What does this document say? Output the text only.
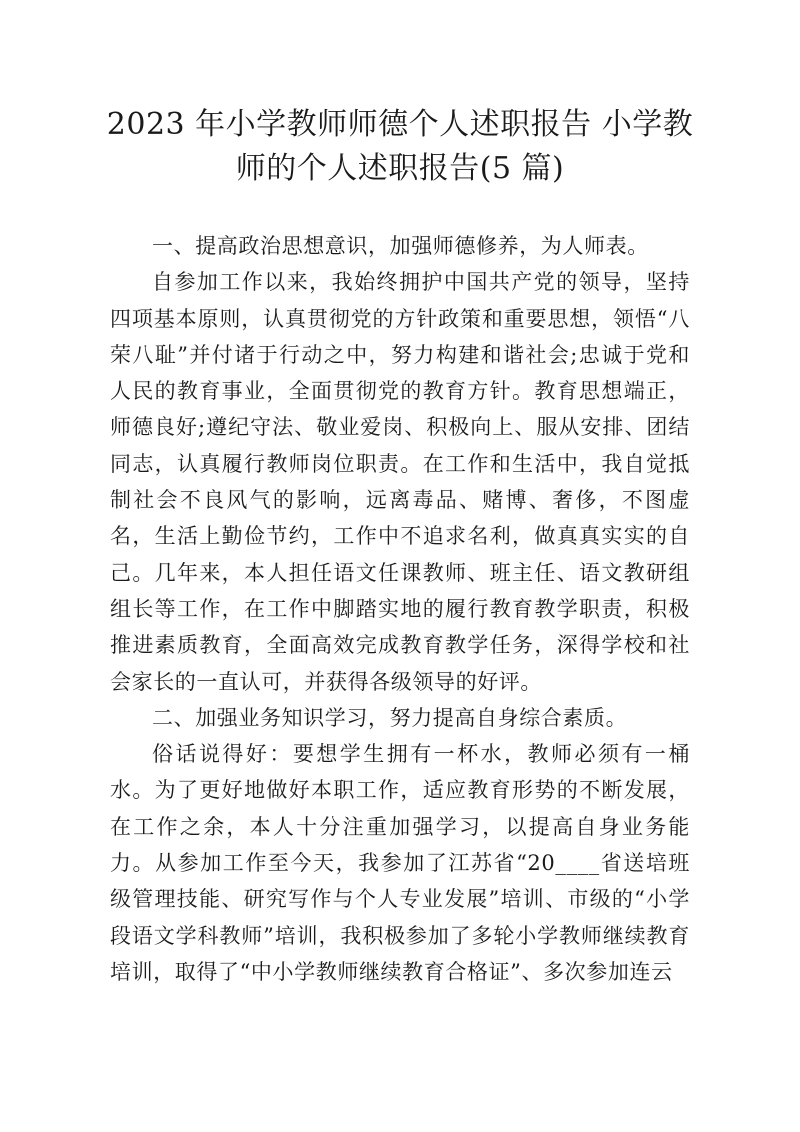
2023 年小学教师师德个人述职报告 小学教
师的个人述职报告(5 篇)

一、提高政治思想意识，加强师德修养，为人师表。

自参加工作以来，我始终拥护中国共产党的领导，坚持四项基本原则，认真贯彻党的方针政策和重要思想，领悟“八荣八耻”并付诸于行动之中，努力构建和谐社会;忠诚于党和人民的教育事业，全面贯彻党的教育方针。教育思想端正，师德良好;遵纪守法、敬业爱岗、积极向上、服从安排、团结同志，认真履行教师岗位职责。在工作和生活中，我自觉抵制社会不良风气的影响，远离毒品、赌博、奢侈，不图虚名，生活上勤俭节约，工作中不追求名利，做真真实实的自己。几年来，本人担任语文任课教师、班主任、语文教研组组长等工作，在工作中脚踏实地的履行教育教学职责，积极推进素质教育，全面高效完成教育教学任务，深得学校和社会家长的一直认可，并获得各级领导的好评。

二、加强业务知识学习，努力提高自身综合素质。

俗话说得好：要想学生拥有一杯水，教师必须有一桶水。为了更好地做好本职工作，适应教育形势的不断发展，在工作之余，本人十分注重加强学习，以提高自身业务能力。从参加工作至今天，我参加了江苏省“20____省送培班级管理技能、研究写作与个人专业发展”培训、市级的“小学段语文学科教师”培训，我积极参加了多轮小学教师继续教育培训，取得了“中小学教师继续教育合格证”、多次参加连云
